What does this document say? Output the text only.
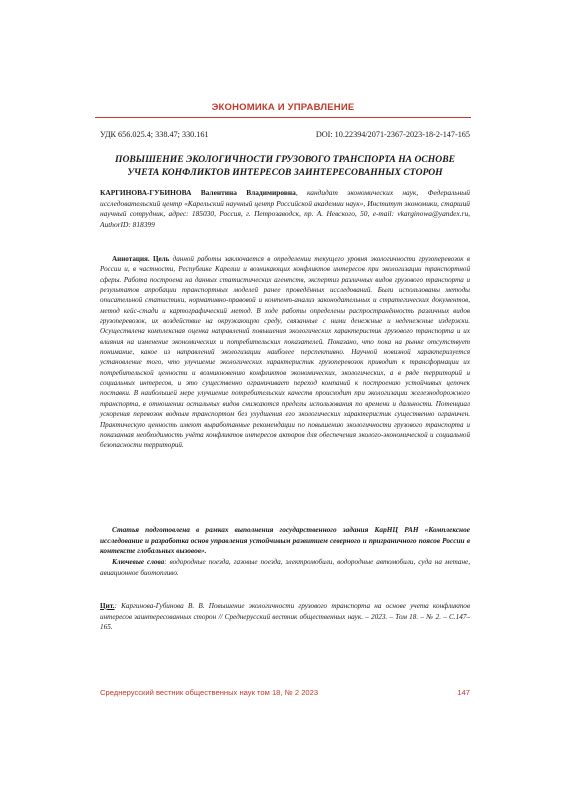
ЭКОНОМИКА И УПРАВЛЕНИЕ
УДК 656.025.4; 338.47; 330.161	DOI: 10.22394/2071-2367-2023-18-2-147-165
ПОВЫШЕНИЕ ЭКОЛОГИЧНОСТИ ГРУЗОВОГО ТРАНСПОРТА НА ОСНОВЕ УЧЕТА КОНФЛИКТОВ ИНТЕРЕСОВ ЗАИНТЕРЕСОВАННЫХ СТОРОН
КАРГИНОВА-ГУБИНОВА Валентина Владимировна, кандидат экономических наук, Федеральный исследовательский центр «Карельский научный центр Российской академии наук», Институт экономики, старший научный сотрудник, адрес: 185030, Россия, г. Петрозаводск, пр. А. Невского, 50, e-mail: vkarginowa@yandex.ru, AuthorID: 818399
Аннотация. Цель данной работы заключается в определении текущего уровня экологичности грузоперевозок в России и, в частности, Республике Карелии и возникающих конфликтов интересов при экологизации транспортной сферы. Работа построена на данных статистических агентств, экспертиз различных видов грузового транспорта и результатов апробации транспортных моделей ранее проведённых исследований. Были использованы методы описательной статистики, нормативно-правовой и контент-анализ законодательных и стратегических документов, метод кейс-стади и картографический метод. В ходе работы определены распространённость различных видов грузоперевозок, их воздействие на окружающую среду, связанные с ними денежные и неденежные издержки. Осуществлена комплексная оценка направлений повышения экологических характеристик грузового транспорта и их влияния на изменение экономических и потребительских показателей. Показано, что пока на рынке отсутствует понимание, какое из направлений экологизации наиболее перспективно. Научной новизной характеризуется установление того, что улучшение экологических характеристик грузоперевозок приводит к трансформации их потребительской ценности и возникновению конфликтов экономических, экологических, а в ряде территорий и социальных интересов, и это существенно ограничивает переход компаний к построению устойчивых цепочек поставки. В наибольшей мере улучшение потребительских качеств происходит при экологизации железнодорожного транспорта, в отношении остальных видов снижаются пределы использования по времени и дальности. Потенциал ускорения перевозок водным транспортом без ухудшения его экологических характеристик существенно ограничен. Практическую ценность имеют выработанные рекомендации по повышению экологичности грузового транспорта и показанная необходимость учёта конфликтов интересов акторов для обеспечения эколого-экономической и социальной безопасности территорий.
Статья подготовлена в рамках выполнения государственного задания КарНЦ РАН «Комплексное исследование и разработка основ управления устойчивым развитием северного и приграничного поясов России в контексте глобальных вызовов».
Ключевые слова: водородные поезда, газовые поезда, электромобили, водородные автомобили, суда на метане, авиационное биотопливо.
Цит.: Каргинова-Губинова В. В. Повышение экологичности грузового транспорта на основе учета конфликтов интересов заинтересованных сторон // Среднерусский вестник общественных наук. – 2023. – Том 18. – № 2. – С.147–165.
Среднерусский вестник общественных наук том 18, № 2 2023	147
